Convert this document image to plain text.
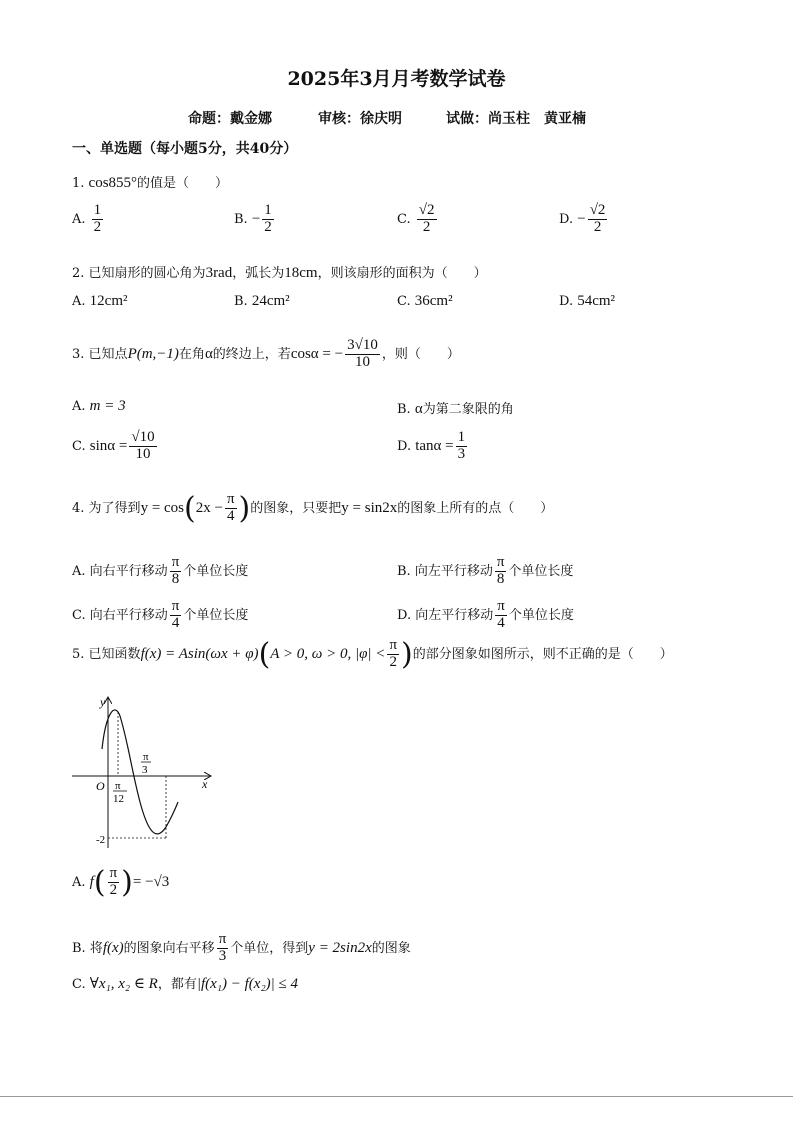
2025年3月月考数学试卷
命题：戴金娜	审核：徐庆明	试做：尚玉柱　黄亚楠
一、单选题（每小题5分，共40分）
1. cos855°的值是（　　）
A. $\frac{1}{2}$	B. − $\frac{1}{2}$	C. $\frac{√2}{2}$	D. − $\frac{√2}{2}$
2. 已知扇形的圆心角为3rad，弧长为18cm，则该扇形的面积为（　　）
A. 12cm²	B. 24cm²	C. 36cm²	D. 54cm²
3. 已知点P(m,−1)在角α的终边上，若cosα = − $\frac{3√10}{10}$ ，则（　　）
A. m = 3	B. α为第二象限的角
C. $\sin\alpha = \frac{√10}{10}$	D. $\tan\alpha = \frac{1}{3}$
4. 为了得到$y = \cos(2x - \frac{\pi}{4}$ )的图象，只要把y = sin2x的图象上所有的点（　　）
A. 向右平行移动 $\frac{\pi}{8}$ 个单位长度	B. 向左平行移动 $\frac{\pi}{8}$ 个单位长度
C. 向右平行移动 $\frac{\pi}{4}$ 个单位长度	D. 向左平行移动 $\frac{\pi}{4}$ 个单位长度
5. 已知函数f(x) = Asin(ωx + φ)(A > 0, ω > 0, $|\varphi| < \frac{\pi}{2}$ )的部分图象如图所示，则不正确的是（　　）
y
x
O π
12
π
3
-2
A. $f( \frac{\pi}{2}$ )= −√3
B. 将f(x)的图象向右平移 $\frac{\pi}{3}$ 个单位，得到y = 2sin2x的图象
C. ∀x₁, x₂ ∈ R，都有|f(x₁) − f(x₂)| ≤ 4
